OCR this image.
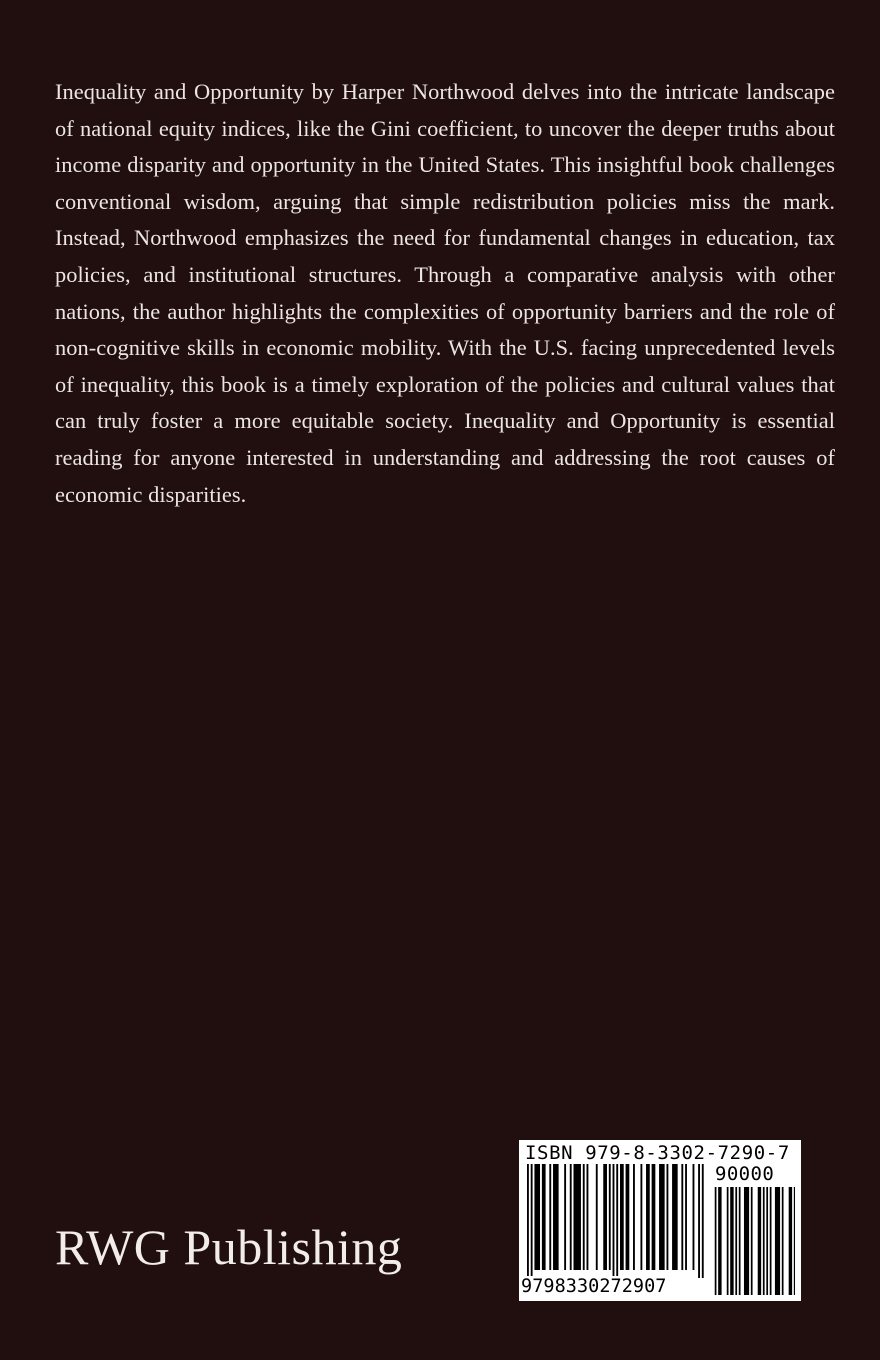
Inequality and Opportunity by Harper Northwood delves into the intricate landscape of national equity indices, like the Gini coefficient, to uncover the deeper truths about income disparity and opportunity in the United States. This insightful book challenges conventional wisdom, arguing that simple redistribution policies miss the mark. Instead, Northwood emphasizes the need for fundamental changes in education, tax policies, and institutional structures. Through a comparative analysis with other nations, the author highlights the complexities of opportunity barriers and the role of non-cognitive skills in economic mobility. With the U.S. facing unprecedented levels of inequality, this book is a timely exploration of the policies and cultural values that can truly foster a more equitable society. Inequality and Opportunity is essential reading for anyone interested in understanding and addressing the root causes of economic disparities.

RWG Publishing
ISBN 979-8-3302-7290-7
90000
9798330272907
